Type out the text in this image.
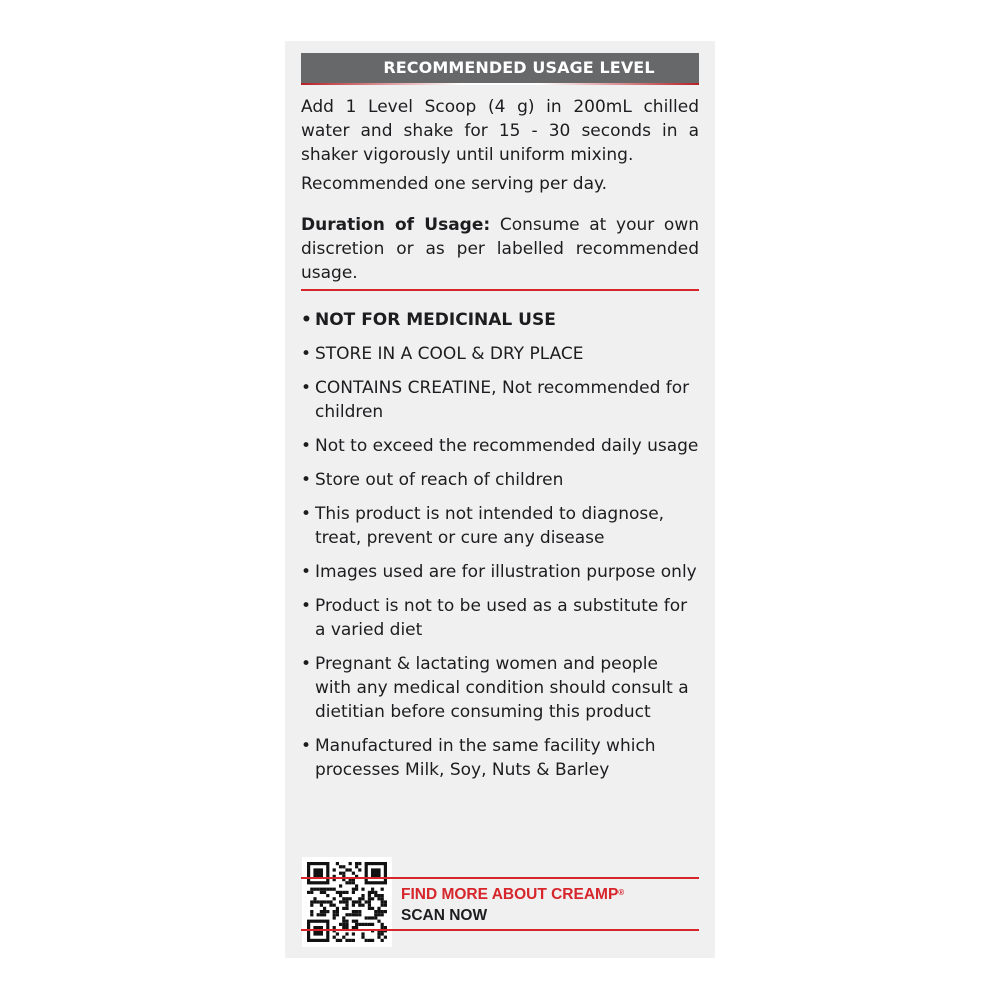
RECOMMENDED USAGE LEVEL
Add 1 Level Scoop (4 g) in 200mL chilled water and shake for 15 - 30 seconds in a shaker vigorously until uniform mixing.
Recommended one serving per day.
Duration of Usage: Consume at your own discretion or as per labelled recommended usage.
• NOT FOR MEDICINAL USE
• STORE IN A COOL & DRY PLACE
• CONTAINS CREATINE, Not recommended for children
• Not to exceed the recommended daily usage
• Store out of reach of children
• This product is not intended to diagnose, treat, prevent or cure any disease
• Images used are for illustration purpose only
• Product is not to be used as a substitute for a varied diet
• Pregnant & lactating women and people with any medical condition should consult a dietitian before consuming this product
• Manufactured in the same facility which processes Milk, Soy, Nuts & Barley
FIND MORE ABOUT CREAMP®
SCAN NOW
